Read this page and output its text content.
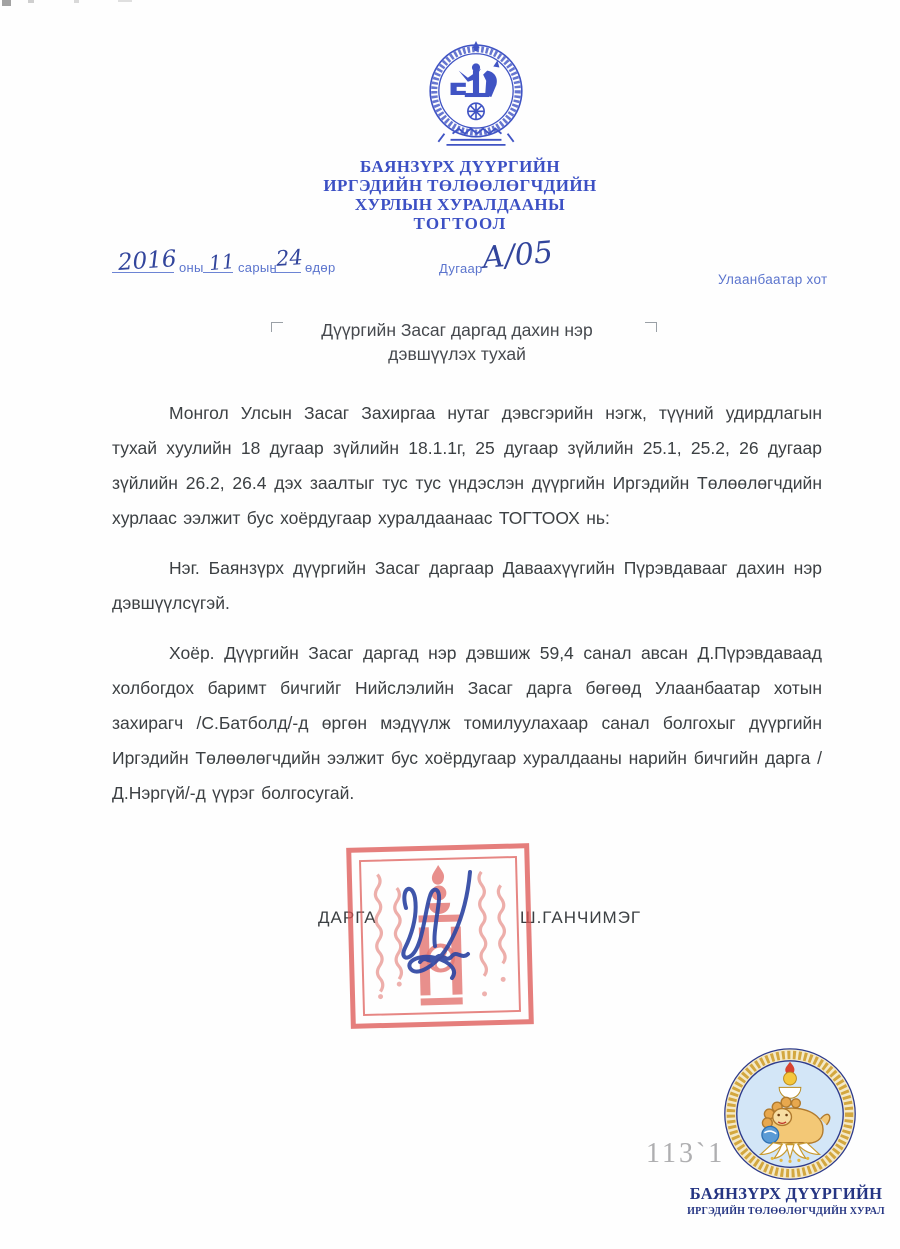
БАЯНЗҮРХ ДҮҮРГИЙН
ИРГЭДИЙН ТӨЛӨӨЛӨГЧДИЙН
ХУРЛЫН ХУРАЛДААНЫ
ТОГТООЛ
2016 оны 11 сарын
24 өдөр	Дугаар
А/05
Улаанбаатар хот
Дүүргийн Засаг даргад дахин нэр
дэвшүүлэх тухай

Монгол Улсын Засаг Захиргаа нутаг дэвсгэрийн нэгж, түүний удирдлагын тухай хуулийн 18 дугаар зүйлийн 18.1.1г, 25 дугаар зүйлийн 25.1, 25.2, 26 дугаар зүйлийн 26.2, 26.4 дэх заалтыг тус тус үндэслэн дүүргийн Иргэдийн Төлөөлөгчдийн хурлаас ээлжит бус хоёрдугаар хуралдаанаас ТОГТООХ нь:

Нэг. Баянзүрх дүүргийн Засаг даргаар Даваахүүгийн Пүрэвдавааг дахин нэр дэвшүүлсүгэй.

Хоёр. Дүүргийн Засаг даргад нэр дэвшиж 59,4 санал авсан Д.Пүрэвдаваад холбогдох баримт бичгийг Нийслэлийн Засаг дарга бөгөөд Улаанбаатар хотын захирагч /С.Батболд/-д өргөн мэдүүлж томилуулахаар санал болгохыг дүүргийн Иргэдийн Төлөөлөгчдийн ээлжит бус хоёрдугаар хуралдааны нарийн бичгийн дарга /Д.Нэргүй/-д үүрэг болгосугай.

ДАРГА	Ш.ГАНЧИМЭГ
113`1
БАЯНЗҮРХ ДҮҮРГИЙН
ИРГЭДИЙН ТӨЛӨӨЛӨГЧДИЙН ХУРАЛ
